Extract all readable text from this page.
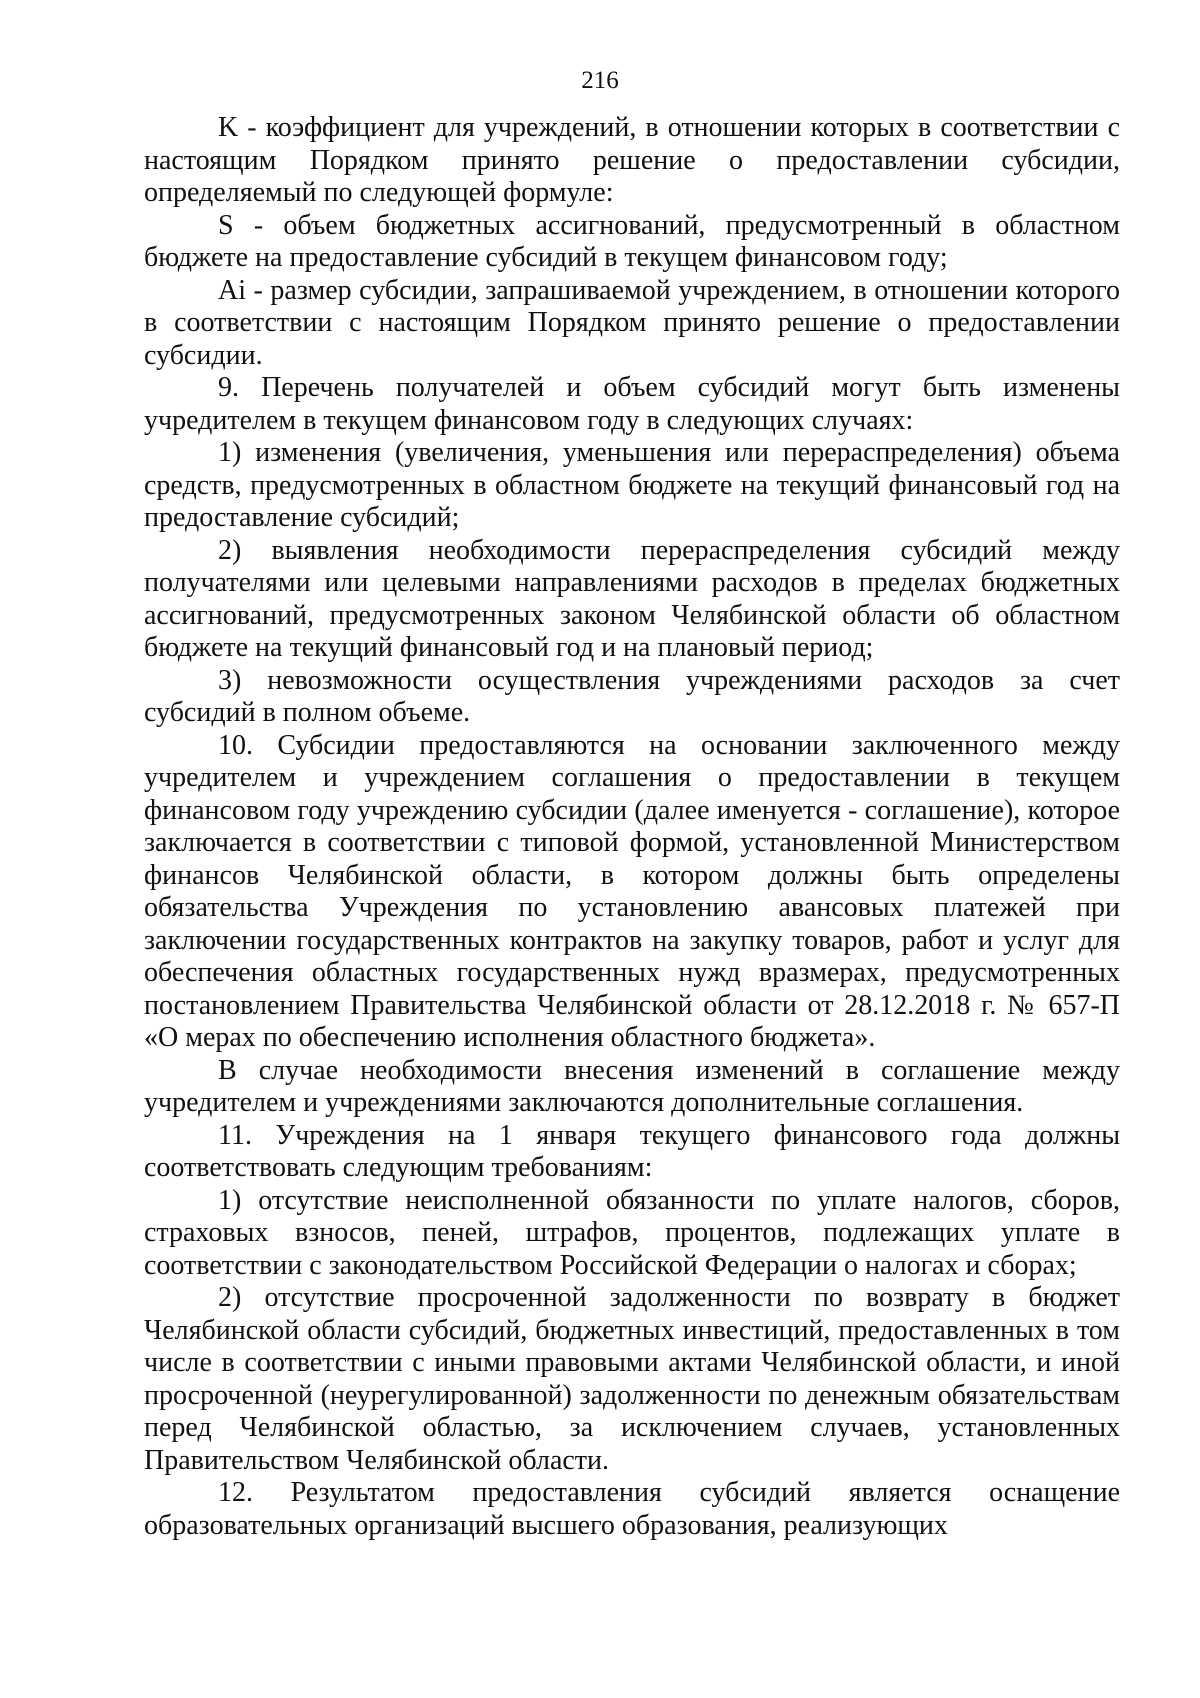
216

K - коэффициент для учреждений, в отношении которых в соответствии с настоящим Порядком принято решение о предоставлении субсидии, определяемый по следующей формуле:

S - объем бюджетных ассигнований, предусмотренный в областном бюджете на предоставление субсидий в текущем финансовом году;

Ai - размер субсидии, запрашиваемой учреждением, в отношении которого в соответствии с настоящим Порядком принято решение о предоставлении субсидии.

9. Перечень получателей и объем субсидий могут быть изменены учредителем в текущем финансовом году в следующих случаях:

1) изменения (увеличения, уменьшения или перераспределения) объема средств, предусмотренных в областном бюджете на текущий финансовый год на предоставление субсидий;

2) выявления необходимости перераспределения субсидий между получателями или целевыми направлениями расходов в пределах бюджетных ассигнований, предусмотренных законом Челябинской области об областном бюджете на текущий финансовый год и на плановый период;

3) невозможности осуществления учреждениями расходов за счет субсидий в полном объеме.

10. Субсидии предоставляются на основании заключенного между учредителем и учреждением соглашения о предоставлении в текущем финансовом году учреждению субсидии (далее именуется - соглашение), которое заключается в соответствии с типовой формой, установленной Министерством финансов Челябинской области, в котором должны быть определены обязательства Учреждения по установлению авансовых платежей при заключении государственных контрактов на закупку товаров, работ и услуг для обеспечения областных государственных нужд вразмерах, предусмотренных постановлением Правительства Челябинской области от 28.12.2018 г. № 657-П «О мерах по обеспечению исполнения областного бюджета».

В случае необходимости внесения изменений в соглашение между учредителем и учреждениями заключаются дополнительные соглашения.

11. Учреждения на 1 января текущего финансового года должны соответствовать следующим требованиям:

1) отсутствие неисполненной обязанности по уплате налогов, сборов, страховых взносов, пеней, штрафов, процентов, подлежащих уплате в соответствии с законодательством Российской Федерации о налогах и сборах;

2) отсутствие просроченной задолженности по возврату в бюджет Челябинской области субсидий, бюджетных инвестиций, предоставленных в том числе в соответствии с иными правовыми актами Челябинской области, и иной просроченной (неурегулированной) задолженности по денежным обязательствам перед Челябинской областью, за исключением случаев, установленных Правительством Челябинской области.

12. Результатом предоставления субсидий является оснащение образовательных организаций высшего образования, реализующих
